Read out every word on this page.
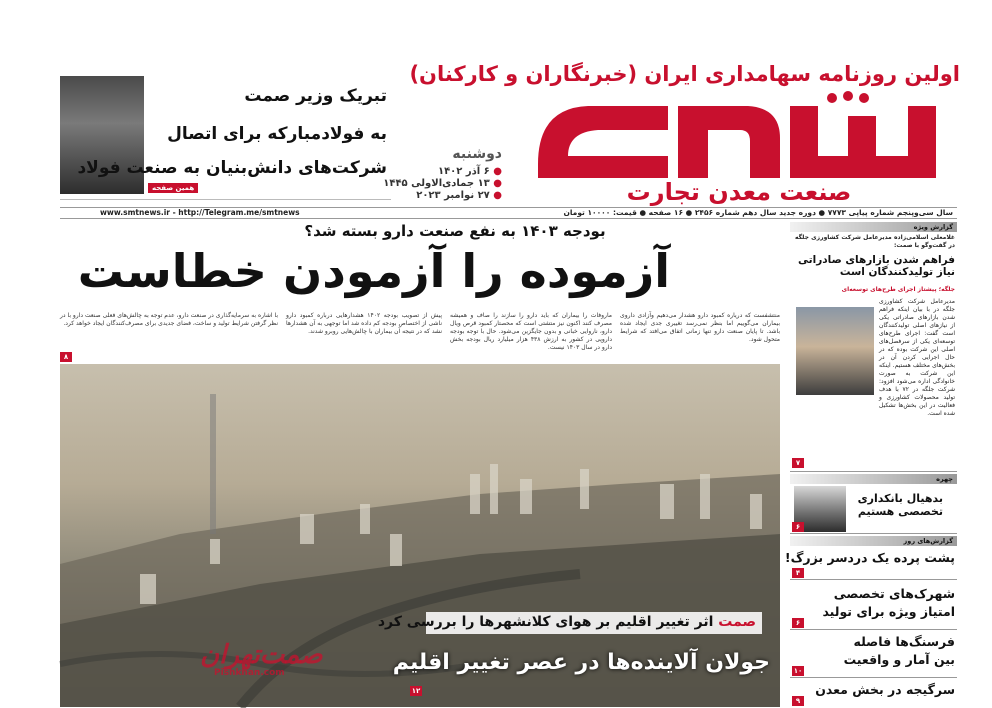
اولین روزنامه سهامداری ایران (خبرنگاران و کارکنان)
صنعت معدن تجارت
دوشنبه
● ۶ آذر ۱۴۰۲
● ۱۳ جمادی‌الاولی ۱۴۴۵
● ۲۷ نوامبر ۲۰۲۳
تبریک وزیر صمت
به فولادمبارکه برای اتصال
شرکت‌های دانش‌بنیان به صنعت فولاد
همین صفحه
سال سی‌وپنجم شماره پیاپی ۷۷۷۳ ● دوره جدید سال دهم شماره ۲۴۵۶ ● ۱۶ صفحه ● قیمت: ۱۰۰۰۰ تومان
www.smtnews.ir - http://Telegram.me/smtnews
بودجه ۱۴۰۳ به نفع صنعت دارو بسته شد؟
آزموده را آزمودن خطاست
منتشفست که دریاره کمبود دارو هشدار می‌دهیم وآزادی داروی بیماران می‌گوییم اما بنظر نمی‌رسد تغییری جدی ایجاد شده باشد. تا پایان صنعت دارو تنها زمانی اتفاق می‌افتد که شرایط متحول شود.
ماروفات را بیماران که باید دارو را سازند را صاف و همیشه مصرف کنند اکنون نیز متشتی است که محصتار کمبود قرص ویال دارو، ناروایی خبانی و بدون جایگزین می‌شود. حال با توجه بودجه داروپی در کشور به ارزش ۴۳۸ هزار میلیارد ریال بودجه بخش دارو در سال ۱۴۰۳ نیست.
پیش از تصویب بودجه ۱۴۰۲ هشدارهایی درباره کمبود دارو ناشی از اختصاص بودجه کم داده شد اما توجهی به آن هشدارها نشد که در نتیجه آن بیماران با چالش‌هایی روبرو شدند.
با اشاره به سرمایه‌گذاری در صنعت دارو، عدم توجه به چالش‌های فعلی صنعت دارو با در نظر گرفتن شرایط تولید و ساخت، فضای جدیدی برای مصرف‌کنندگان ایجاد خواهد کرد.
۸
صمت اثر تغییر اقلیم بر هوای کلانشهرها را بررسی کرد
جولان آلاینده‌ها در عصر تغییر اقلیم
صمت‌تهران
Pishkhan.com
۱۲
گزارش ویژه
غلامعلی اسلامی‌زاده مدیرعامل شرکت کشاورزی جلگه در گفت‌وگو با صمت:
فراهم شدن بازارهای صادراتی نیاز تولیدکنندگان است
جلگه؛ پیشتاز اجرای طرح‌های توسعه‌ای
مدیرعامل شرکت کشاورزی جلگه در با بیان اینکه فراهم شدن بازارهای صادراتی یکی از نیازهای اصلی تولیدکنندگان است گفت: اجرای طرح‌های توسعه‌ای یکی از سرفصل‌های اصلی این شرکت بوده که در حال اجرایی کردن آن در بخش‌های مختلف هستیم. اینکه این شرکت به صورت خانوادگی اداره می‌شود افزود: شرکت جلگه در ۷۲ با هدف تولید محصولات کشاورزی و فعالیت در این بخش‌ها تشکیل شده است.
۷
چهره
بدهیال بانکداری تخصصی هستیم
۶
گزارش‌های روز
پشت پرده یک دردسر بزرگ!
۴
شهرک‌های تخصصی
امتیاز ویژه برای تولید
۶
فرسنگ‌ها فاصله
بین آمار و واقعیت
۱۰
سرگیجه در بخش معدن
۹
